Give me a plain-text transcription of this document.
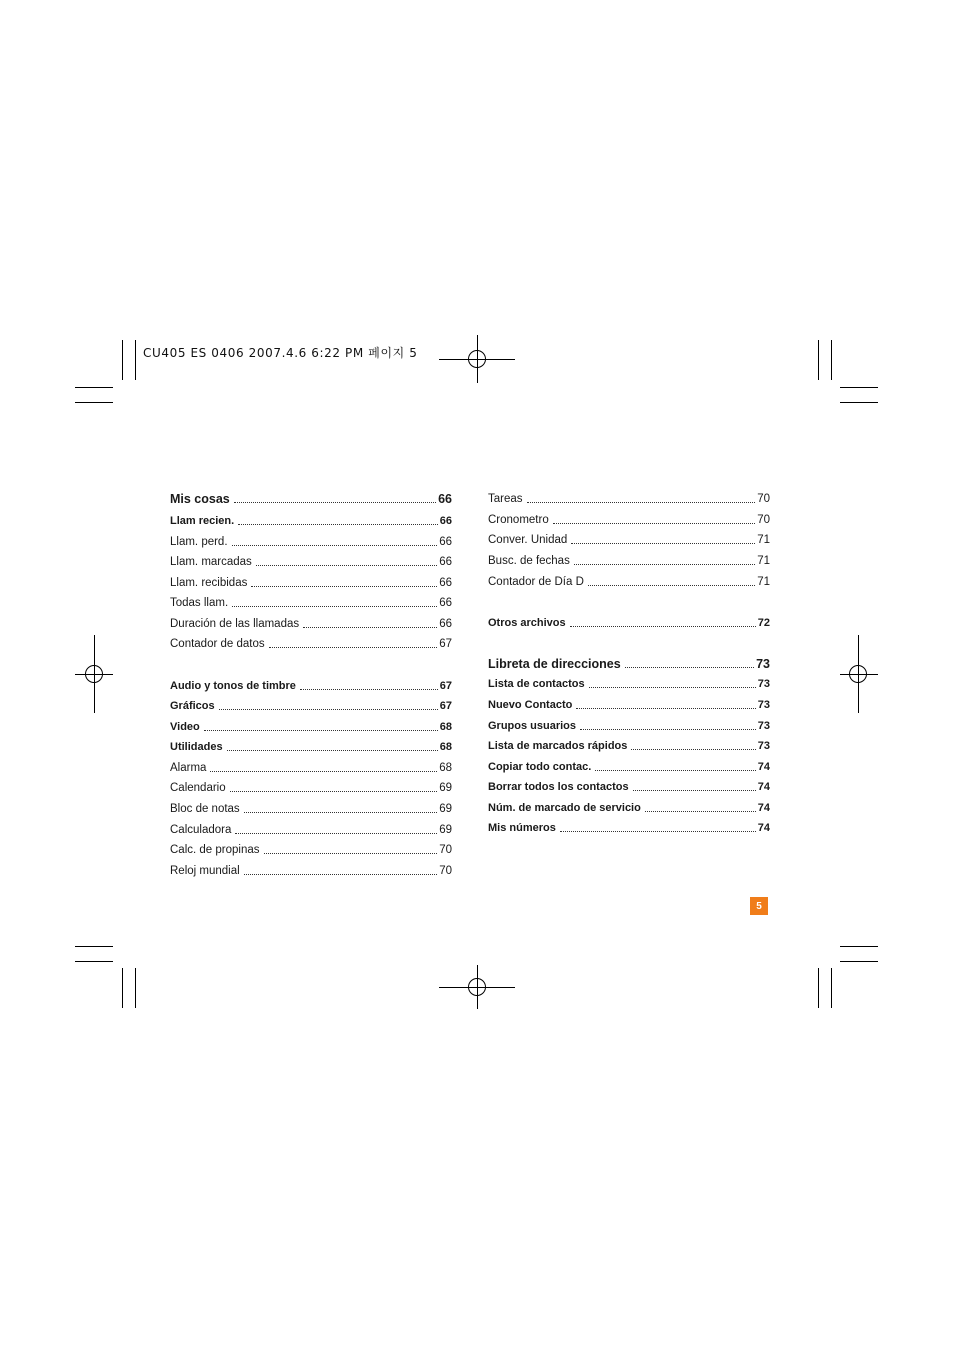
CU405 ES 0406 2007.4.6 6:22 PM 페이지 5
Mis cosas	66
Llam recien.	66
Llam. perd.	66
Llam. marcadas	66
Llam. recibidas	66
Todas llam.	66
Duración de las llamadas	66
Contador de datos	67
Audio y tonos de timbre	67
Gráficos	67
Video	68
Utilidades	68
Alarma	68
Calendario	69
Bloc de notas	69
Calculadora	69
Calc. de propinas	70
Reloj mundial	70
Tareas	70
Cronometro	70
Conver. Unidad	71
Busc. de fechas	71
Contador de Día D	71
Otros archivos	72
Libreta de direcciones	73
Lista de contactos	73
Nuevo Contacto	73
Grupos usuarios	73
Lista de marcados rápidos	73
Copiar todo contac.	74
Borrar todos los contactos	74
Núm. de marcado de servicio	74
Mis números	74
5
